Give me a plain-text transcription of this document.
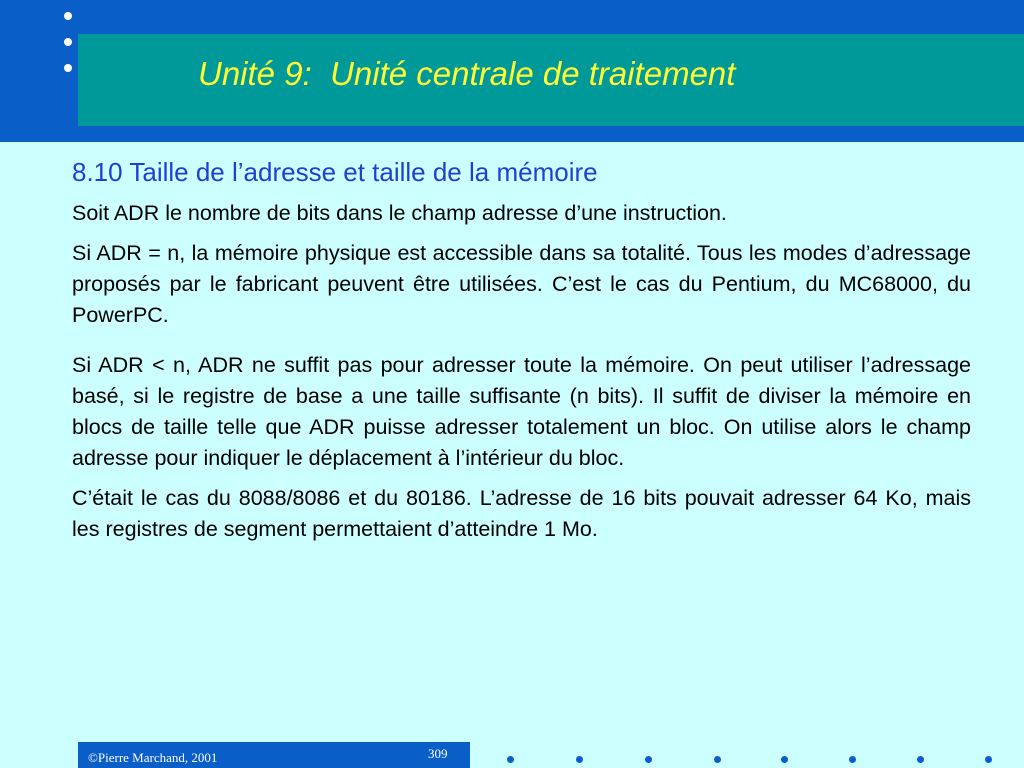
Unité 9:  Unité centrale de traitement
8.10 Taille de l’adresse et taille de la mémoire

Soit ADR le nombre de bits dans le champ adresse d’une instruction.

Si ADR = n, la mémoire physique est accessible dans sa totalité. Tous les modes d’adressage proposés par le fabricant peuvent être utilisées. C’est le cas du Pentium, du MC68000, du PowerPC.

Si ADR < n, ADR ne suffit pas pour adresser toute la mémoire. On peut utiliser l’adressage basé, si le registre de base a une taille suffisante (n bits). Il suffit de diviser la mémoire en blocs de taille telle que ADR puisse adresser totalement un bloc. On utilise alors le champ adresse pour indiquer le déplacement à l’intérieur du bloc.

C’était le cas du 8088/8086 et du 80186. L’adresse de 16 bits pouvait adresser 64 Ko, mais les registres de segment permettaient d’atteindre 1 Mo.

©Pierre Marchand, 2001	309
